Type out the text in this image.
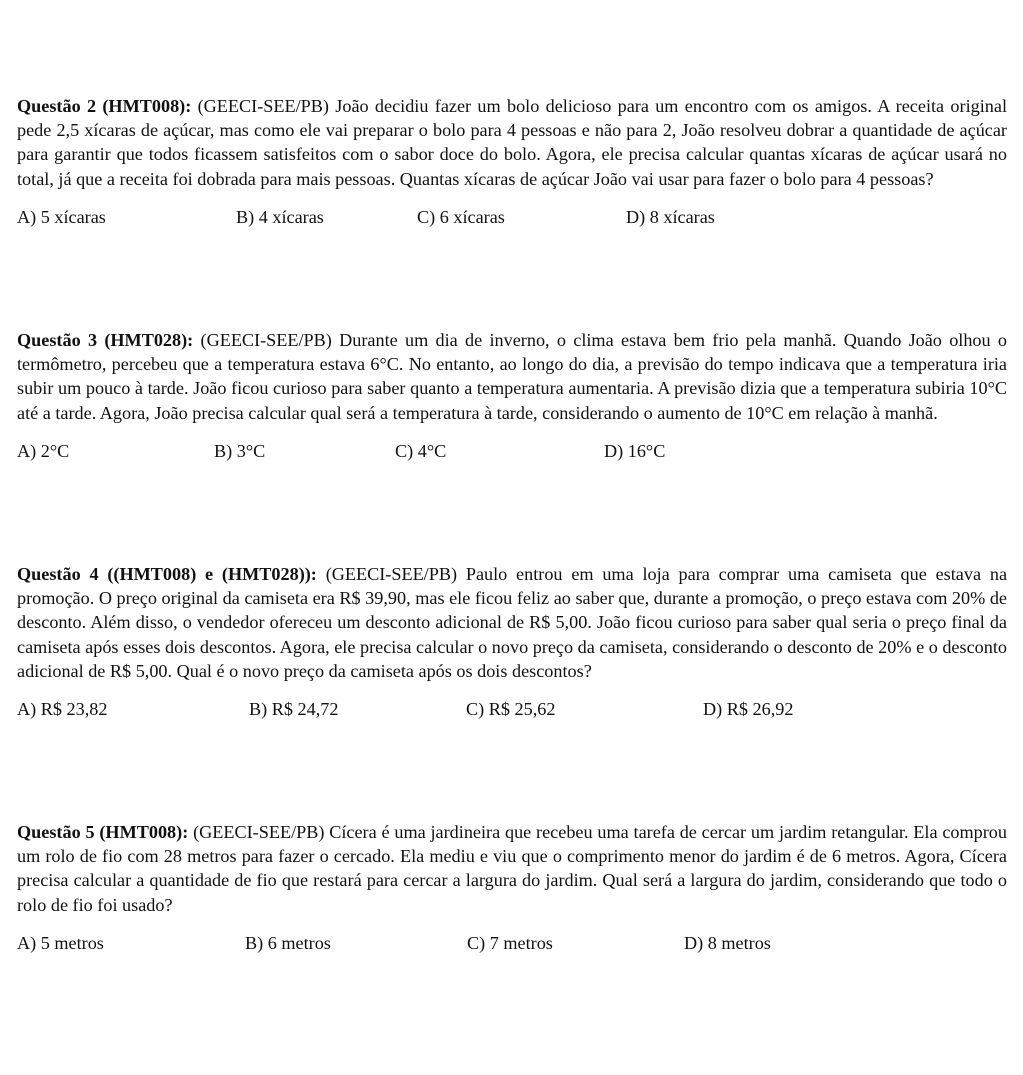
Questão 2 (HMT008): (GEECI-SEE/PB) João decidiu fazer um bolo delicioso para um encontro com os amigos. A receita original pede 2,5 xícaras de açúcar, mas como ele vai preparar o bolo para 4 pessoas e não para 2, João resolveu dobrar a quantidade de açúcar para garantir que todos ficassem satisfeitos com o sabor doce do bolo. Agora, ele precisa calcular quantas xícaras de açúcar usará no total, já que a receita foi dobrada para mais pessoas. Quantas xícaras de açúcar João vai usar para fazer o bolo para 4 pessoas?

A) 5 xícaras	B) 4 xícaras	C) 6 xícaras	D) 8 xícaras

Questão 3 (HMT028): (GEECI-SEE/PB) Durante um dia de inverno, o clima estava bem frio pela manhã. Quando João olhou o termômetro, percebeu que a temperatura estava 6°C. No entanto, ao longo do dia, a previsão do tempo indicava que a temperatura iria subir um pouco à tarde. João ficou curioso para saber quanto a temperatura aumentaria. A previsão dizia que a temperatura subiria 10°C até a tarde. Agora, João precisa calcular qual será a temperatura à tarde, considerando o aumento de 10°C em relação à manhã.

A) 2°C	B) 3°C	C) 4°C	D) 16°C

Questão 4 ((HMT008) e (HMT028)): (GEECI-SEE/PB) Paulo entrou em uma loja para comprar uma camiseta que estava na promoção. O preço original da camiseta era R$ 39,90, mas ele ficou feliz ao saber que, durante a promoção, o preço estava com 20% de desconto. Além disso, o vendedor ofereceu um desconto adicional de R$ 5,00. João ficou curioso para saber qual seria o preço final da camiseta após esses dois descontos. Agora, ele precisa calcular o novo preço da camiseta, considerando o desconto de 20% e o desconto adicional de R$ 5,00. Qual é o novo preço da camiseta após os dois descontos?

A) R$ 23,82	B) R$ 24,72	C) R$ 25,62	D) R$ 26,92

Questão 5 (HMT008): (GEECI-SEE/PB) Cícera é uma jardineira que recebeu uma tarefa de cercar um jardim retangular. Ela comprou um rolo de fio com 28 metros para fazer o cercado. Ela mediu e viu que o comprimento menor do jardim é de 6 metros. Agora, Cícera precisa calcular a quantidade de fio que restará para cercar a largura do jardim. Qual será a largura do jardim, considerando que todo o rolo de fio foi usado?

A) 5 metros	B) 6 metros	C) 7 metros	D) 8 metros
